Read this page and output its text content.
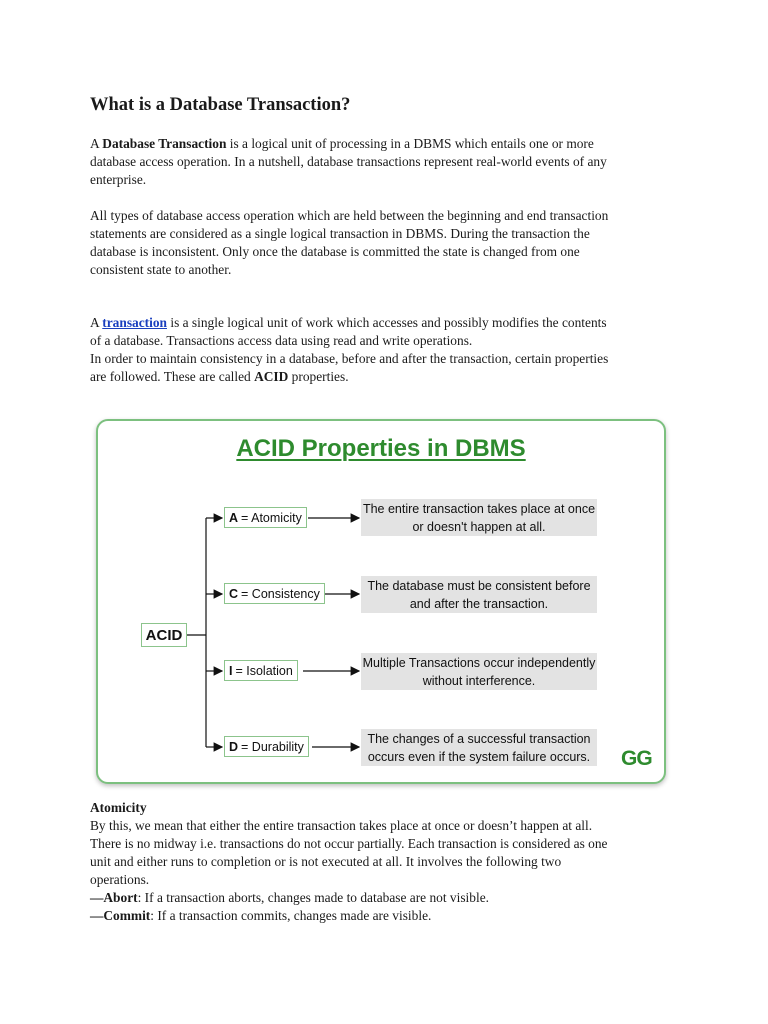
What is a Database Transaction?

A Database Transaction is a logical unit of processing in a DBMS which entails one or more
database access operation. In a nutshell, database transactions represent real-world events of any
enterprise.

All types of database access operation which are held between the beginning and end transaction
statements are considered as a single logical transaction in DBMS. During the transaction the
database is inconsistent. Only once the database is committed the state is changed from one
consistent state to another.

A transaction is a single logical unit of work which accesses and possibly modifies the contents
of a database. Transactions access data using read and write operations.
In order to maintain consistency in a database, before and after the transaction, certain properties
are followed. These are called ACID properties.

ACID Properties in DBMS
ACID
A = Atomicity
C = Consistency
I = Isolation
D = Durability
The entire transaction takes place at once
or doesn't happen at all.
The database must be consistent before
and after the transaction.
Multiple Transactions occur independently
without interference.
The changes of a successful transaction
occurs even if the system failure occurs.	GG

Atomicity
By this, we mean that either the entire transaction takes place at once or doesn’t happen at all.
There is no midway i.e. transactions do not occur partially. Each transaction is considered as one
unit and either runs to completion or is not executed at all. It involves the following two
operations.
—Abort: If a transaction aborts, changes made to database are not visible.
—Commit: If a transaction commits, changes made are visible.
